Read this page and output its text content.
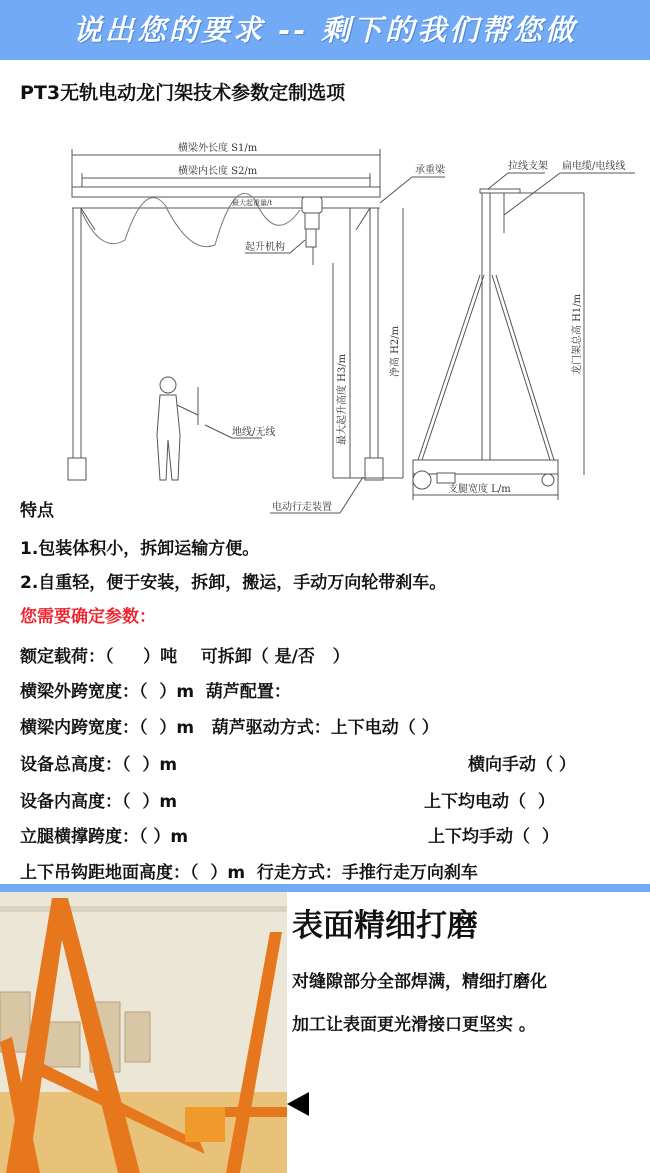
说出您的要求 -- 剩下的我们帮您做
PT3无轨电动龙门架技术参数定制选项
横梁外长度 S1/m
横梁内长度 S2/m
最大起重量/t
承重梁
起升机构
最大起升高度 H3/m
净高 H2/m
地线/无线
电动行走装置
拉线支架 扁电缆/电线线
龙门架总高 H1/m
支腿宽度 L/m
特点
1.包装体积小，拆卸运输方便。
2.自重轻，便于安装，拆卸，搬运，手动万向轮带刹车。
您需要确定参数：
额定载荷：（     ）吨    可拆卸（ 是/否   ）
横梁外跨宽度：（  ）m  葫芦配置：
横梁内跨宽度：（  ）m   葫芦驱动方式：上下电动（ ）
设备总高度：（  ）m	横向手动（ ）
设备内高度：（  ）m	上下均电动（  ）
立腿横撑跨度：（ ）m	上下均手动（  ）
上下吊钩距地面高度：（  ）m  行走方式：手推行走万向刹车
表面精细打磨
对缝隙部分全部焊满，精细打磨化
加工让表面更光滑接口更坚实 。
